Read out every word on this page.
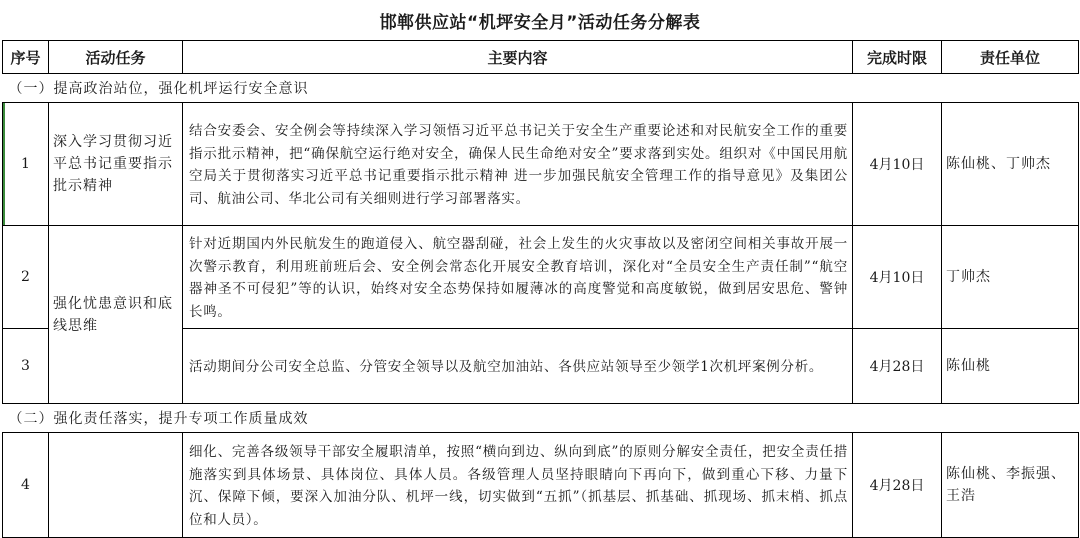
邯郸供应站“机坪安全月”活动任务分解表
序号	活动任务	主要内容	完成时限	责任单位
（一）提高政治站位，强化机坪运行安全意识				
1	深入学习贯彻习近平总书记重要指示批示精神	结合安委会、安全例会等持续深入学习领悟习近平总书记关于安全生产重要论述和对民航安全工作的重要指示批示精神，把“确保航空运行绝对安全，确保人民生命绝对安全”要求落到实处。组织对《中国民用航空局关于贯彻落实习近平总书记重要指示批示精神 进一步加强民航安全管理工作的指导意见》及集团公司、航油公司、华北公司有关细则进行学习部署落实。	4月10日	陈仙桃、丁帅杰
2	强化忧患意识和底线思维	针对近期国内外民航发生的跑道侵入、航空器刮碰，社会上发生的火灾事故以及密闭空间相关事故开展一次警示教育，利用班前班后会、安全例会常态化开展安全教育培训，深化对“全员安全生产责任制”“航空器神圣不可侵犯”等的认识，始终对安全态势保持如履薄冰的高度警觉和高度敏锐，做到居安思危、警钟长鸣。	4月10日	丁帅杰
3		活动期间分公司安全总监、分管安全领导以及航空加油站、各供应站领导至少领学1次机坪案例分析。	4月28日	陈仙桃
（二）强化责任落实，提升专项工作质量成效				
4		细化、完善各级领导干部安全履职清单，按照“横向到边、纵向到底”的原则分解安全责任，把安全责任措施落实到具体场景、具体岗位、具体人员。各级管理人员坚持眼睛向下再向下，做到重心下移、力量下沉、保障下倾，要深入加油分队、机坪一线，切实做到“五抓”（抓基层、抓基础、抓现场、抓末梢、抓点位和人员）。	4月28日	陈仙桃、李振强、王浩
